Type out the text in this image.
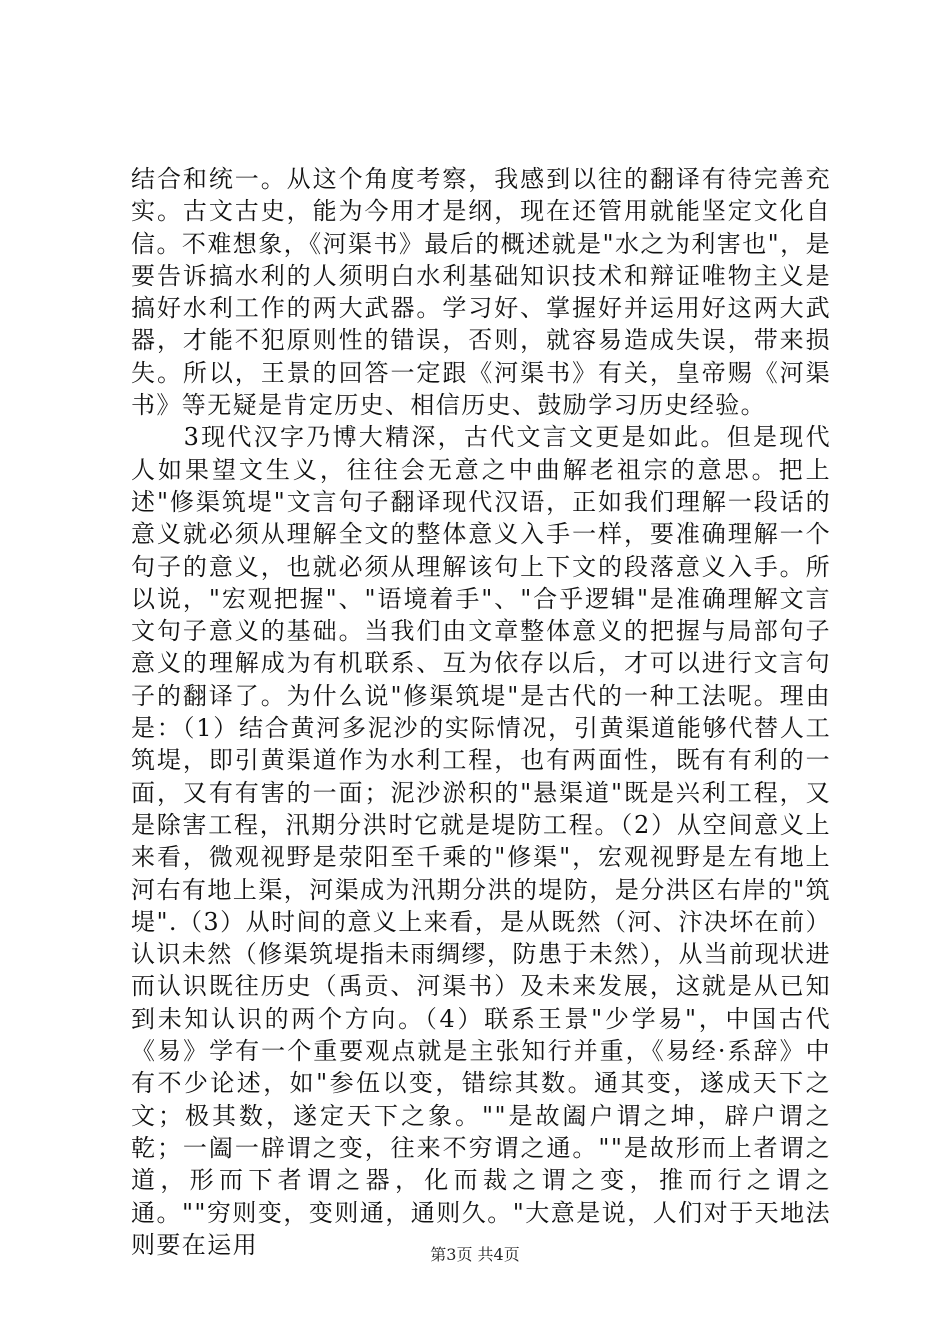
结合和统一。从这个角度考察，我感到以往的翻译有待完善充实。古文古史，能为今用才是纲，现在还管用就能坚定文化自信。不难想象，《河渠书》最后的概述就是"水之为利害也"，是要告诉搞水利的人须明白水利基础知识技术和辩证唯物主义是搞好水利工作的两大武器。学习好、掌握好并运用好这两大武器，才能不犯原则性的错误，否则，就容易造成失误，带来损失。所以，王景的回答一定跟《河渠书》有关，皇帝赐《河渠书》等无疑是肯定历史、相信历史、鼓励学习历史经验。

　　3现代汉字乃博大精深，古代文言文更是如此。但是现代人如果望文生义，往往会无意之中曲解老祖宗的意思。把上述"修渠筑堤"文言句子翻译现代汉语，正如我们理解一段话的意义就必须从理解全文的整体意义入手一样，要准确理解一个句子的意义，也就必须从理解该句上下文的段落意义入手。所以说，"宏观把握"、"语境着手"、"合乎逻辑"是准确理解文言文句子意义的基础。当我们由文章整体意义的把握与局部句子意义的理解成为有机联系、互为依存以后，才可以进行文言句子的翻译了。为什么说"修渠筑堤"是古代的一种工法呢。理由是：（1）结合黄河多泥沙的实际情况，引黄渠道能够代替人工筑堤，即引黄渠道作为水利工程，也有两面性，既有有利的一面，又有有害的一面；泥沙淤积的"悬渠道"既是兴利工程，又是除害工程，汛期分洪时它就是堤防工程。（2）从空间意义上来看，微观视野是荥阳至千乘的"修渠"，宏观视野是左有地上河右有地上渠，河渠成为汛期分洪的堤防，是分洪区右岸的"筑堤".（3）从时间的意义上来看，是从既然（河、汴决坏在前）认识未然（修渠筑堤指未雨绸缪，防患于未然），从当前现状进而认识既往历史（禹贡、河渠书）及未来发展，这就是从已知到未知认识的两个方向。（4）联系王景"少学易"，中国古代《易》学有一个重要观点就是主张知行并重，《易经·系辞》中有不少论述，如"参伍以变，错综其数。通其变，遂成天下之文；极其数，遂定天下之象。""是故阖户谓之坤，辟户谓之乾；一阖一辟谓之变，往来不穷谓之通。""是故形而上者谓之道，形而下者谓之器，化而裁之谓之变，推而行之谓之通。""穷则变，变则通，通则久。"大意是说，人们对于天地法则要在运用	第3页 共4页
